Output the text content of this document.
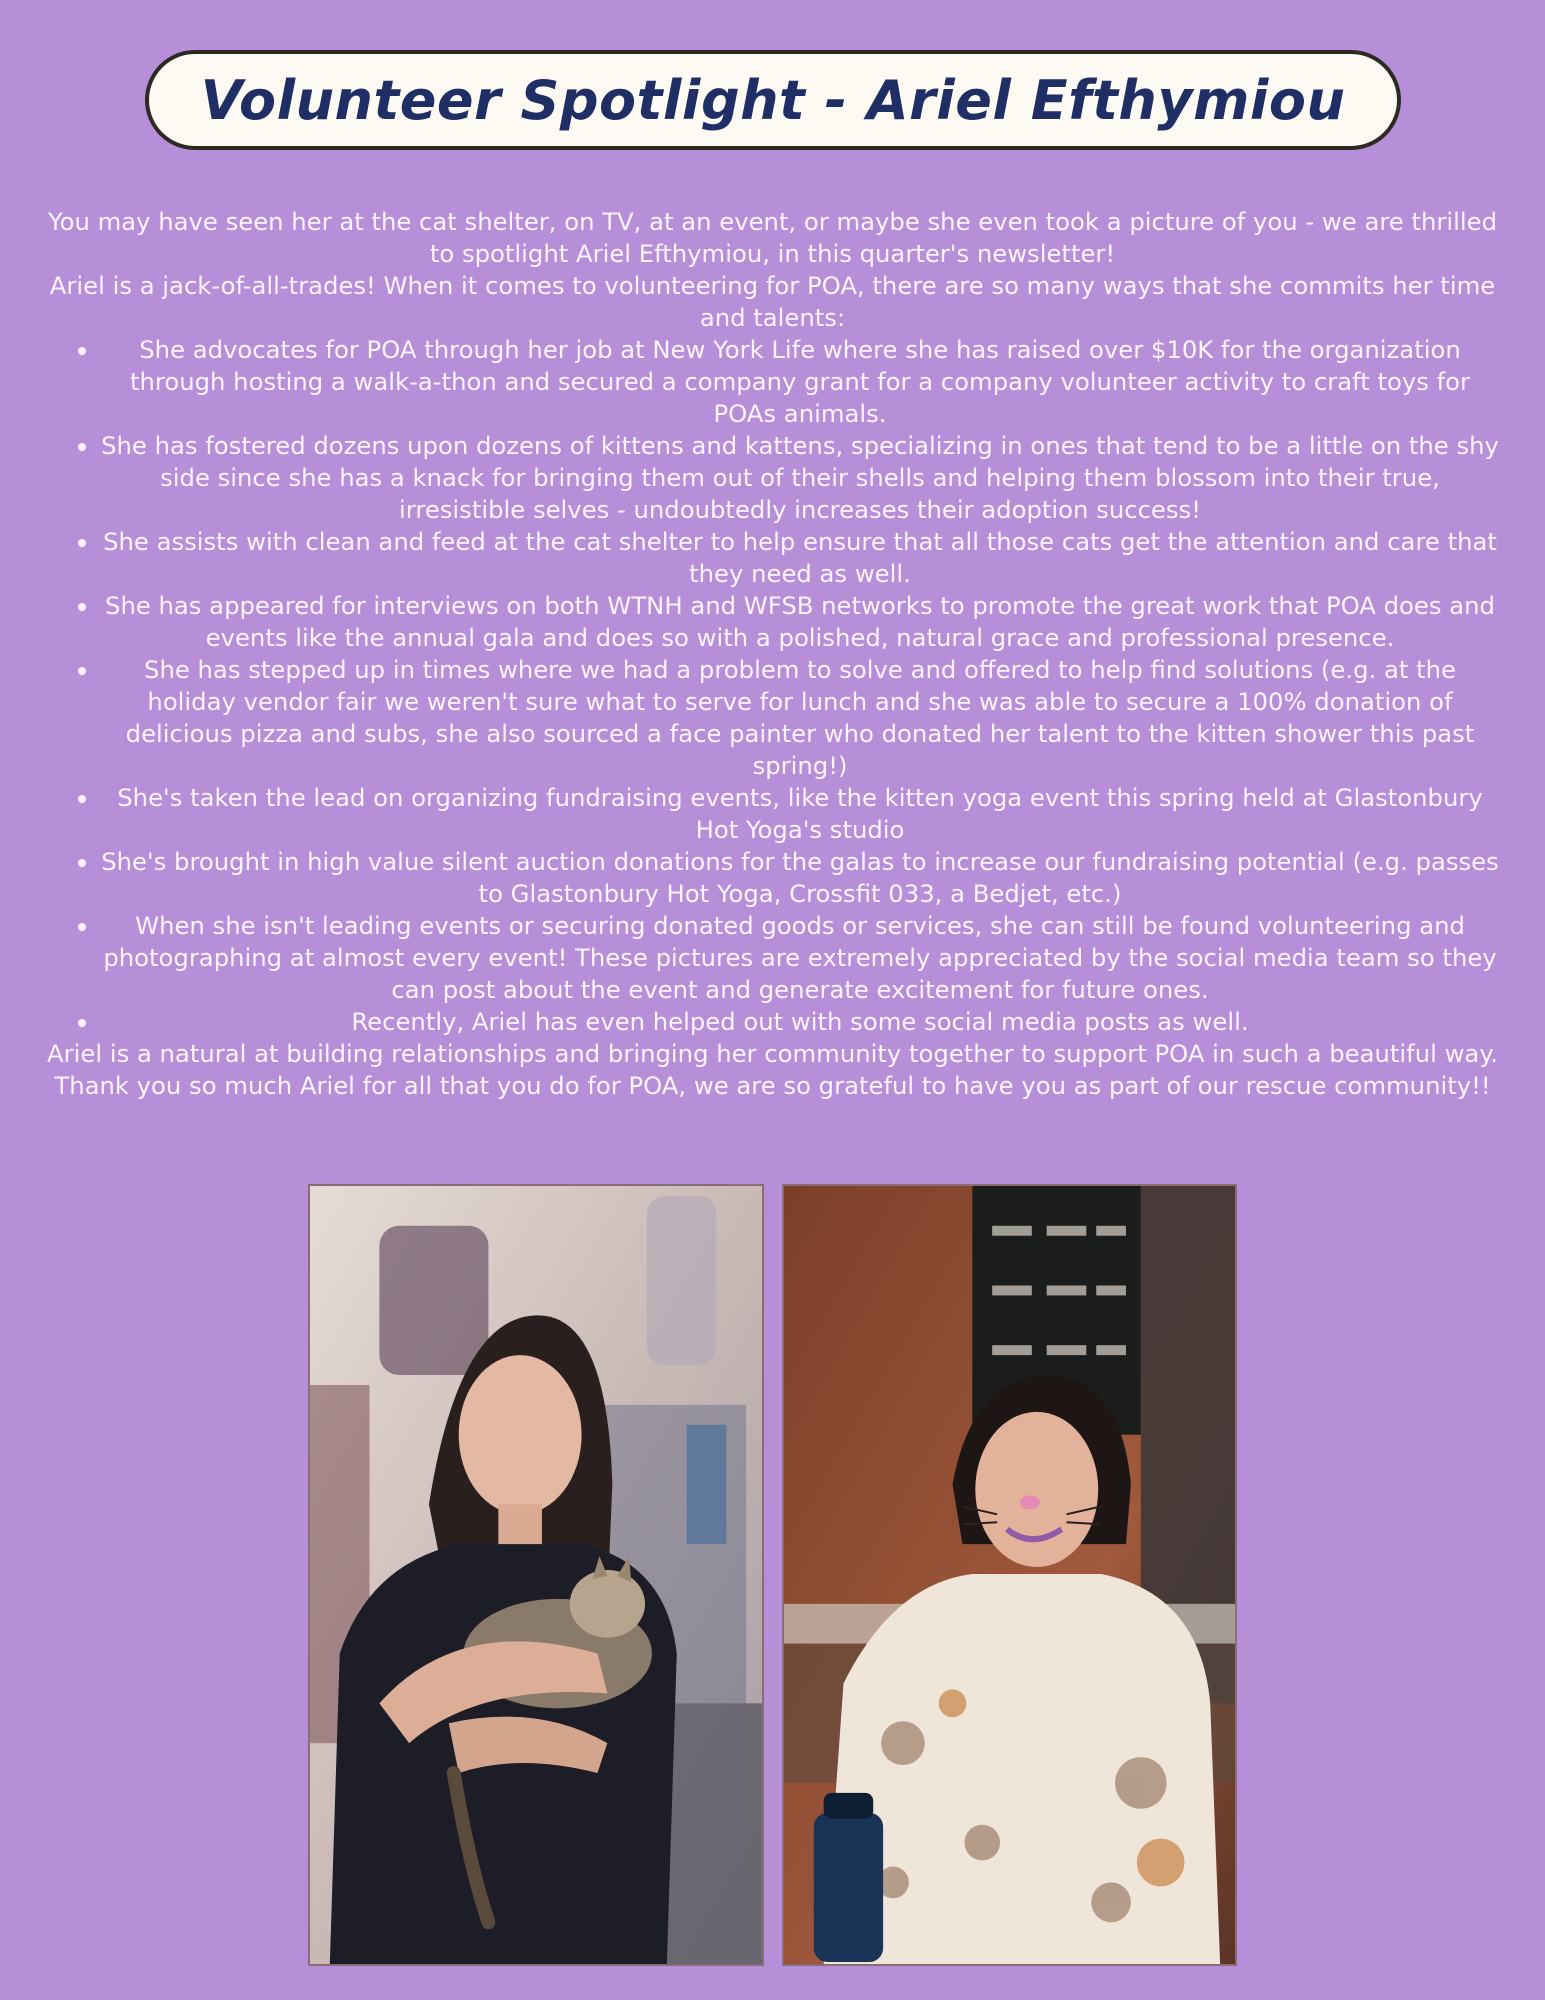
Volunteer Spotlight - Ariel Efthymiou

You may have seen her at the cat shelter, on TV, at an event, or maybe she even took a picture of you - we are thrilled to spotlight Ariel Efthymiou, in this quarter's newsletter!

Ariel is a jack-of-all-trades! When it comes to volunteering for POA, there are so many ways that she commits her time and talents:

• She advocates for POA through her job at New York Life where she has raised over $10K for the organization through hosting a walk-a-thon and secured a company grant for a company volunteer activity to craft toys for POAs animals.
• She has fostered dozens upon dozens of kittens and kattens, specializing in ones that tend to be a little on the shy side since she has a knack for bringing them out of their shells and helping them blossom into their true, irresistible selves - undoubtedly increases their adoption success!
• She assists with clean and feed at the cat shelter to help ensure that all those cats get the attention and care that they need as well.
• She has appeared for interviews on both WTNH and WFSB networks to promote the great work that POA does and events like the annual gala and does so with a polished, natural grace and professional presence.
• She has stepped up in times where we had a problem to solve and offered to help find solutions (e.g. at the holiday vendor fair we weren't sure what to serve for lunch and she was able to secure a 100% donation of delicious pizza and subs, she also sourced a face painter who donated her talent to the kitten shower this past spring!)
• She's taken the lead on organizing fundraising events, like the kitten yoga event this spring held at Glastonbury Hot Yoga's studio
• She's brought in high value silent auction donations for the galas to increase our fundraising potential (e.g. passes to Glastonbury Hot Yoga, Crossfit 033, a Bedjet, etc.)
• When she isn't leading events or securing donated goods or services, she can still be found volunteering and photographing at almost every event! These pictures are extremely appreciated by the social media team so they can post about the event and generate excitement for future ones.
• Recently, Ariel has even helped out with some social media posts as well.

Ariel is a natural at building relationships and bringing her community together to support POA in such a beautiful way. Thank you so much Ariel for all that you do for POA, we are so grateful to have you as part of our rescue community!!
